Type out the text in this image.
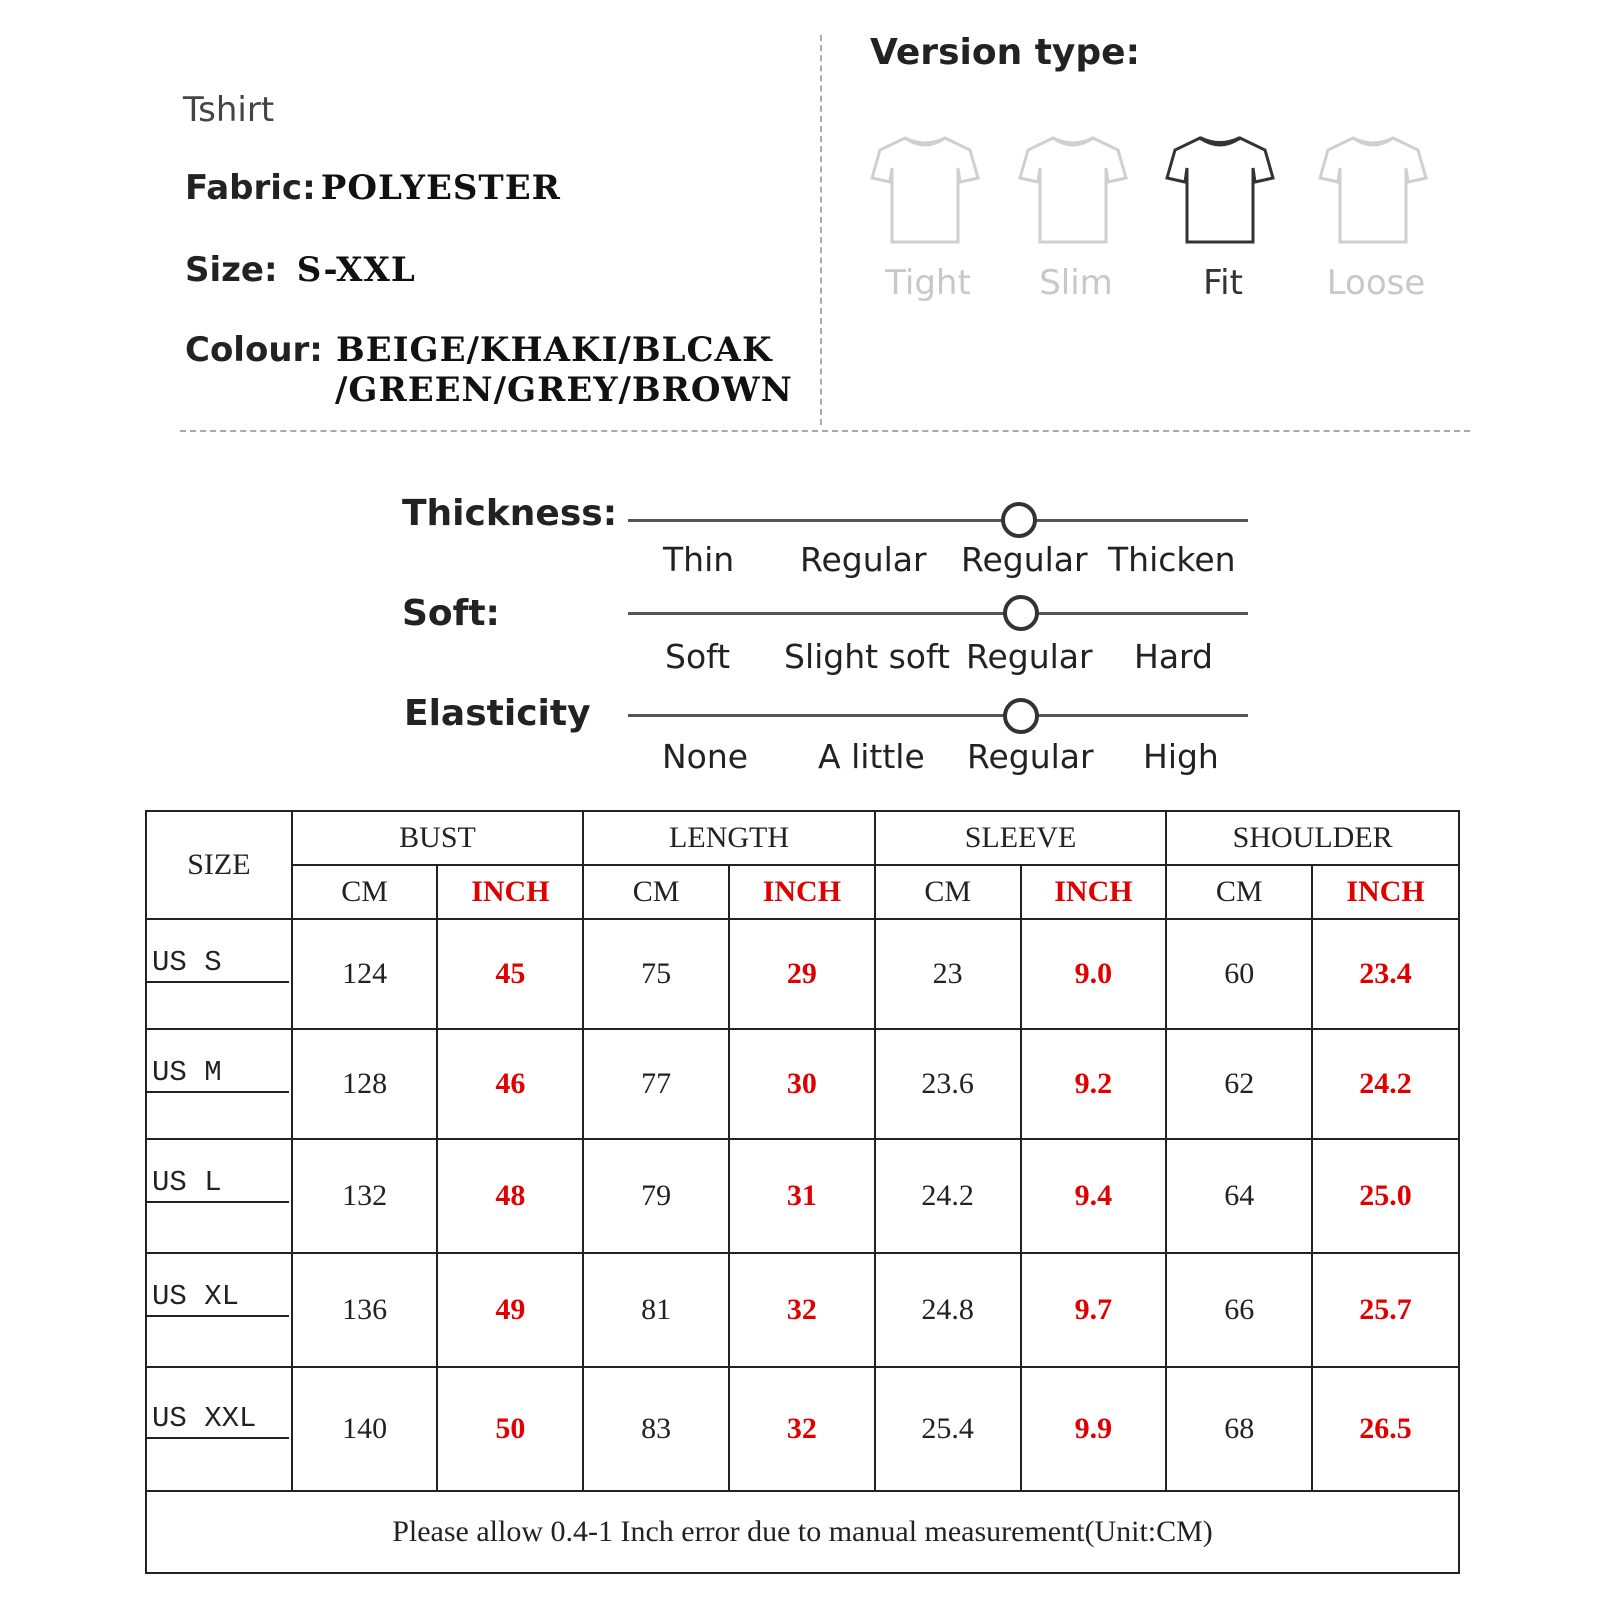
Tshirt
Fabric: POLYESTER
Size: S-XXL
Colour: BEIGE/KHAKI/BLCAK
/GREEN/GREY/BROWN
Version type:
Tight	Slim	Fit	Loose
Thickness:
Thin Regular Regular Thicken
Soft:
Soft Slight soft Regular Hard
Elasticity
None A little Regular High
SIZE	BUST		LENGTH		SLEEVE		SHOULDER	
	CM	INCH	CM	INCH	CM	INCH	CM	INCH

US S	124	45	75	29	23	9.0	60	23.4

US M	128	46	77	30	23.6	9.2	62	24.2

US L	132	48	79	31	24.2	9.4	64	25.0

US XL	136	49	81	32	24.8	9.7	66	25.7

US XXL	140	50	83	32	25.4	9.9	68	26.5
Please allow 0.4-1 Inch error due to manual measurement(Unit:CM)								
